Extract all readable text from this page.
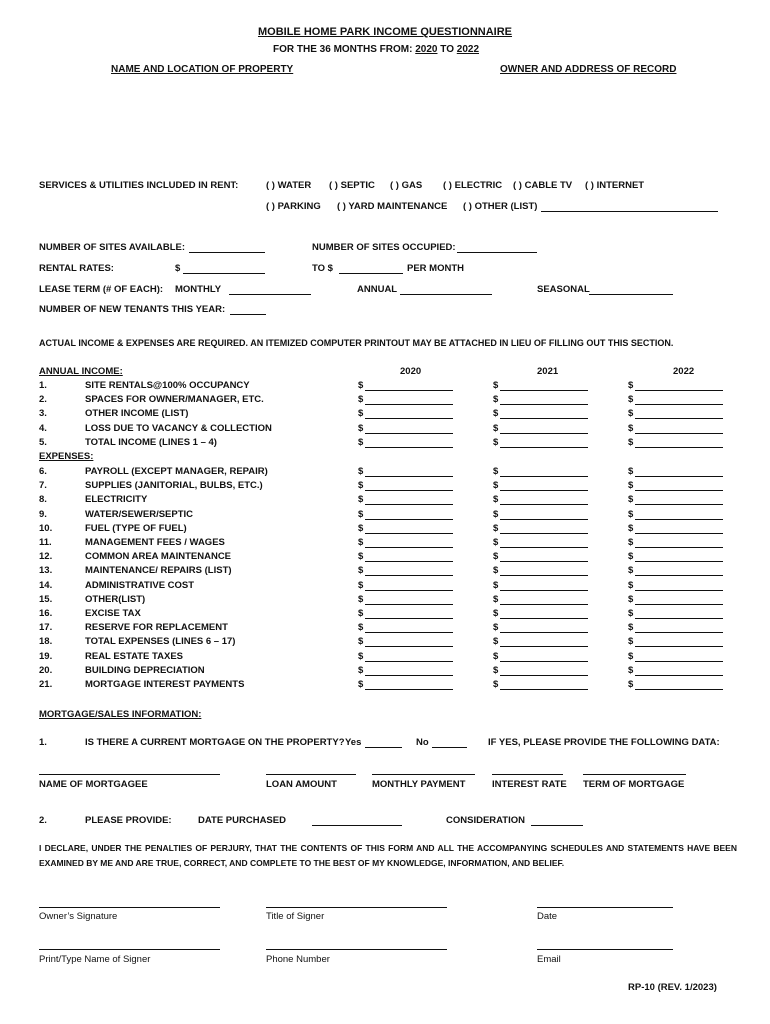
MOBILE HOME PARK INCOME QUESTIONNAIRE
FOR THE 36 MONTHS FROM: 2020 TO 2022
NAME AND LOCATION OF PROPERTY	OWNER AND ADDRESS OF RECORD
SERVICES & UTILITIES INCLUDED IN RENT:	( ) WATER ( ) SEPTIC ( ) GAS ( ) ELECTRIC ( ) CABLE TV ( ) INTERNET
( ) PARKING ( ) YARD MAINTENANCE ( ) OTHER (LIST)
NUMBER OF SITES AVAILABLE:	NUMBER OF SITES OCCUPIED:
RENTAL RATES:	$	TO $	PER MONTH
LEASE TERM (# OF EACH): MONTHLY	ANNUAL	SEASONAL
NUMBER OF NEW TENANTS THIS YEAR:
ACTUAL INCOME & EXPENSES ARE REQUIRED. AN ITEMIZED COMPUTER PRINTOUT MAY BE ATTACHED IN LIEU OF FILLING OUT THIS SECTION.
ANNUAL INCOME:	2020	2021	2022
1.	SITE RENTALS@100% OCCUPANCY	$	$	$
2.	SPACES FOR OWNER/MANAGER, ETC.	$	$	$
3.	OTHER INCOME (LIST)	$	$	$
4.	LOSS DUE TO VACANCY & COLLECTION	$	$	$
5.	TOTAL INCOME (LINES 1 – 4)	$	$	$
EXPENSES:
6.	PAYROLL (EXCEPT MANAGER, REPAIR)	$	$	$
7.	SUPPLIES (JANITORIAL, BULBS, ETC.)	$	$	$
8.	ELECTRICITY	$	$	$
9.	WATER/SEWER/SEPTIC	$	$	$
10.	FUEL (TYPE OF FUEL)	$	$	$
11.	MANAGEMENT FEES / WAGES	$	$	$
12.	COMMON AREA MAINTENANCE	$	$	$
13.	MAINTENANCE/ REPAIRS (LIST)	$	$	$
14.	ADMINISTRATIVE COST	$	$	$
15.	OTHER(LIST)	$	$	$
16.	EXCISE TAX	$	$	$
17.	RESERVE FOR REPLACEMENT	$	$	$
18.	TOTAL EXPENSES (LINES 6 – 17)	$	$	$
19.	REAL ESTATE TAXES	$	$	$
20.	BUILDING DEPRECIATION	$	$	$
21.	MORTGAGE INTEREST PAYMENTS	$	$	$
MORTGAGE/SALES INFORMATION:
1.	IS THERE A CURRENT MORTGAGE ON THE PROPERTY? Yes	No	IF YES, PLEASE PROVIDE THE FOLLOWING DATA:
NAME OF MORTGAGEE	LOAN AMOUNT	MONTHLY PAYMENT	INTEREST RATE TERM OF MORTGAGE
2.	PLEASE PROVIDE:	DATE PURCHASED	CONSIDERATION
I DECLARE, UNDER THE PENALTIES OF PERJURY, THAT THE CONTENTS OF THIS FORM AND ALL THE ACCOMPANYING SCHEDULES AND STATEMENTS HAVE BEEN EXAMINED BY ME AND ARE TRUE, CORRECT, AND COMPLETE TO THE BEST OF MY KNOWLEDGE, INFORMATION, AND BELIEF.
Owner’s Signature	Title of Signer	Date
Print/Type Name of Signer	Phone Number	Email
RP-10 (REV. 1/2023)
